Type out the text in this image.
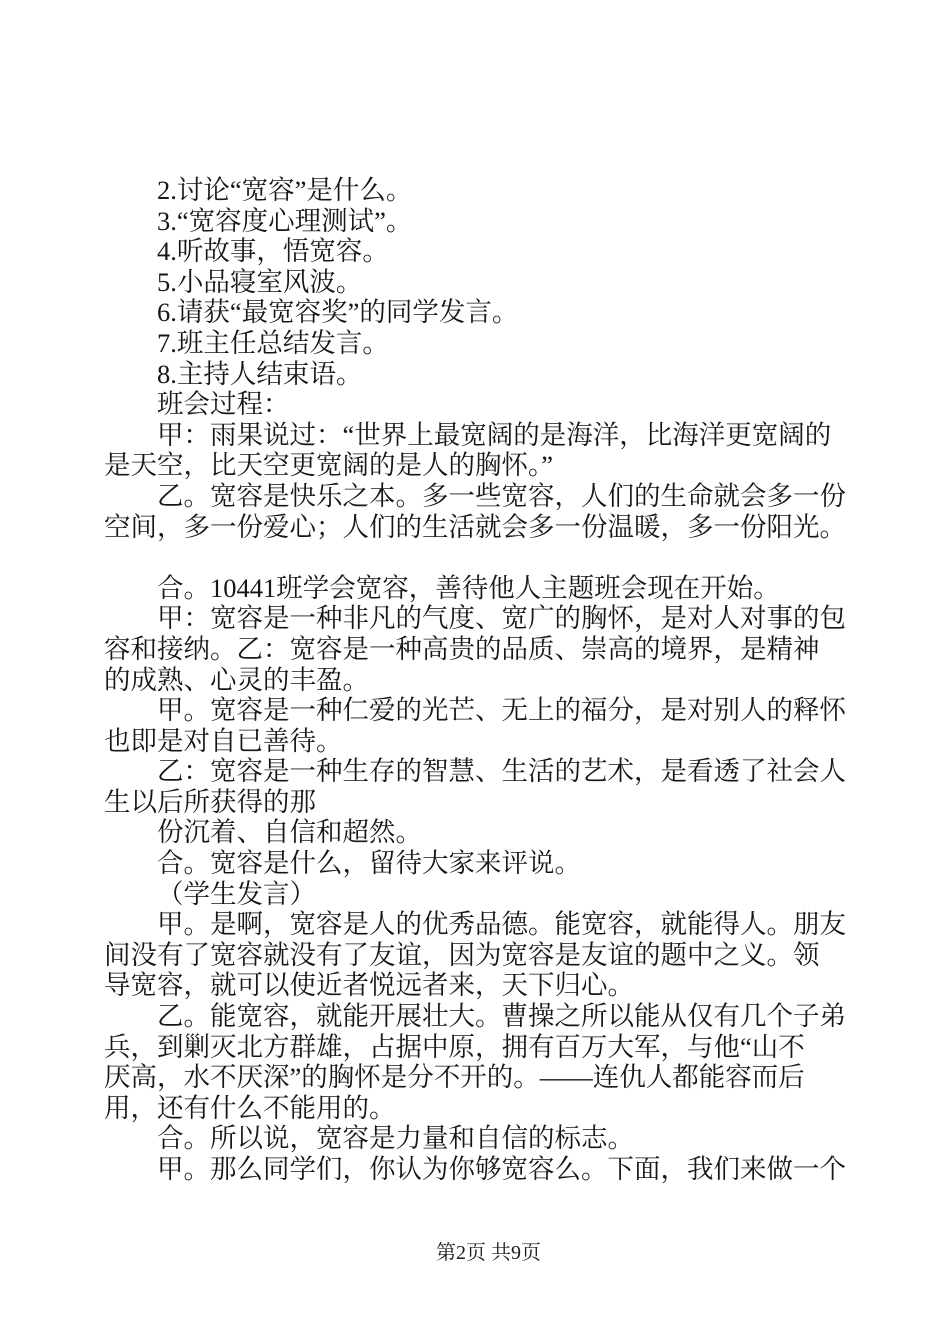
2.讨论“宽容”是什么。
3.“宽容度心理测试”。
4.听故事，悟宽容。
5.小品寝室风波。
6.请获“最宽容奖”的同学发言。
7.班主任总结发言。
8.主持人结束语。
班会过程：
甲：雨果说过：“世界上最宽阔的是海洋，比海洋更宽阔的
是天空，比天空更宽阔的是人的胸怀。”
乙。宽容是快乐之本。多一些宽容，人们的生命就会多一份
空间，多一份爱心；人们的生活就会多一份温暖，多一份阳光。
合。10441班学会宽容，善待他人主题班会现在开始。
甲：宽容是一种非凡的气度、宽广的胸怀，是对人对事的包
容和接纳。乙：宽容是一种高贵的品质、崇高的境界，是精神
的成熟、心灵的丰盈。
甲。宽容是一种仁爱的光芒、无上的福分，是对别人的释怀
也即是对自已善待。
乙：宽容是一种生存的智慧、生活的艺术，是看透了社会人
生以后所获得的那
份沉着、自信和超然。
合。宽容是什么，留待大家来评说。
（学生发言）
甲。是啊，宽容是人的优秀品德。能宽容，就能得人。朋友
间没有了宽容就没有了友谊，因为宽容是友谊的题中之义。领
导宽容，就可以使近者悦远者来，天下归心。
乙。能宽容，就能开展壮大。曹操之所以能从仅有几个子弟
兵，到剿灭北方群雄，占据中原，拥有百万大军，与他“山不
厌高，水不厌深”的胸怀是分不开的。——连仇人都能容而后
用，还有什么不能用的。
合。所以说，宽容是力量和自信的标志。
甲。那么同学们，你认为你够宽容么。下面，我们来做一个
第2页 共9页
